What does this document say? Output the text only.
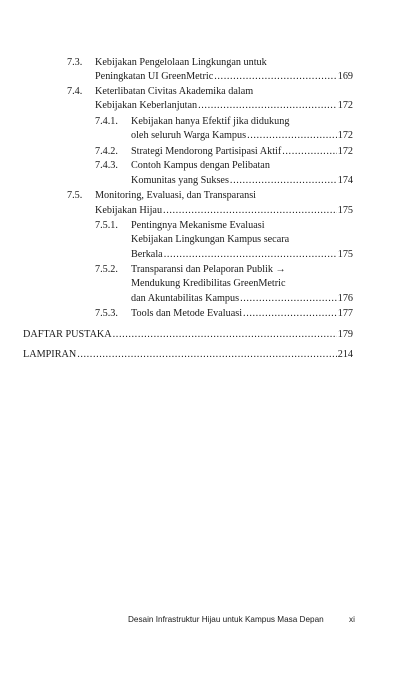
7.3. Kebijakan Pengelolaan Lingkungan untuk
Peningkatan UI GreenMetric .....	169
7.4. Keterlibatan Civitas Akademika dalam
Kebijakan Keberlanjutan .....	172
7.4.1. Kebijakan hanya Efektif jika didukung
oleh seluruh Warga Kampus .....	172
7.4.2. Strategi Mendorong Partisipasi Aktif .....	172
7.4.3. Contoh Kampus dengan Pelibatan
Komunitas yang Sukses .....	174
7.5. Monitoring, Evaluasi, dan Transparansi
Kebijakan Hijau .....	175
7.5.1. Pentingnya Mekanisme Evaluasi
Kebijakan Lingkungan Kampus secara
Berkala .....	175
7.5.2. Transparansi dan Pelaporan Publik →
Mendukung Kredibilitas GreenMetric
dan Akuntabilitas Kampus .....	176
7.5.3. Tools dan Metode Evaluasi .....	177
DAFTAR PUSTAKA .....	179
LAMPIRAN .....	214
Desain Infrastruktur Hijau untuk Kampus Masa Depan	xi
